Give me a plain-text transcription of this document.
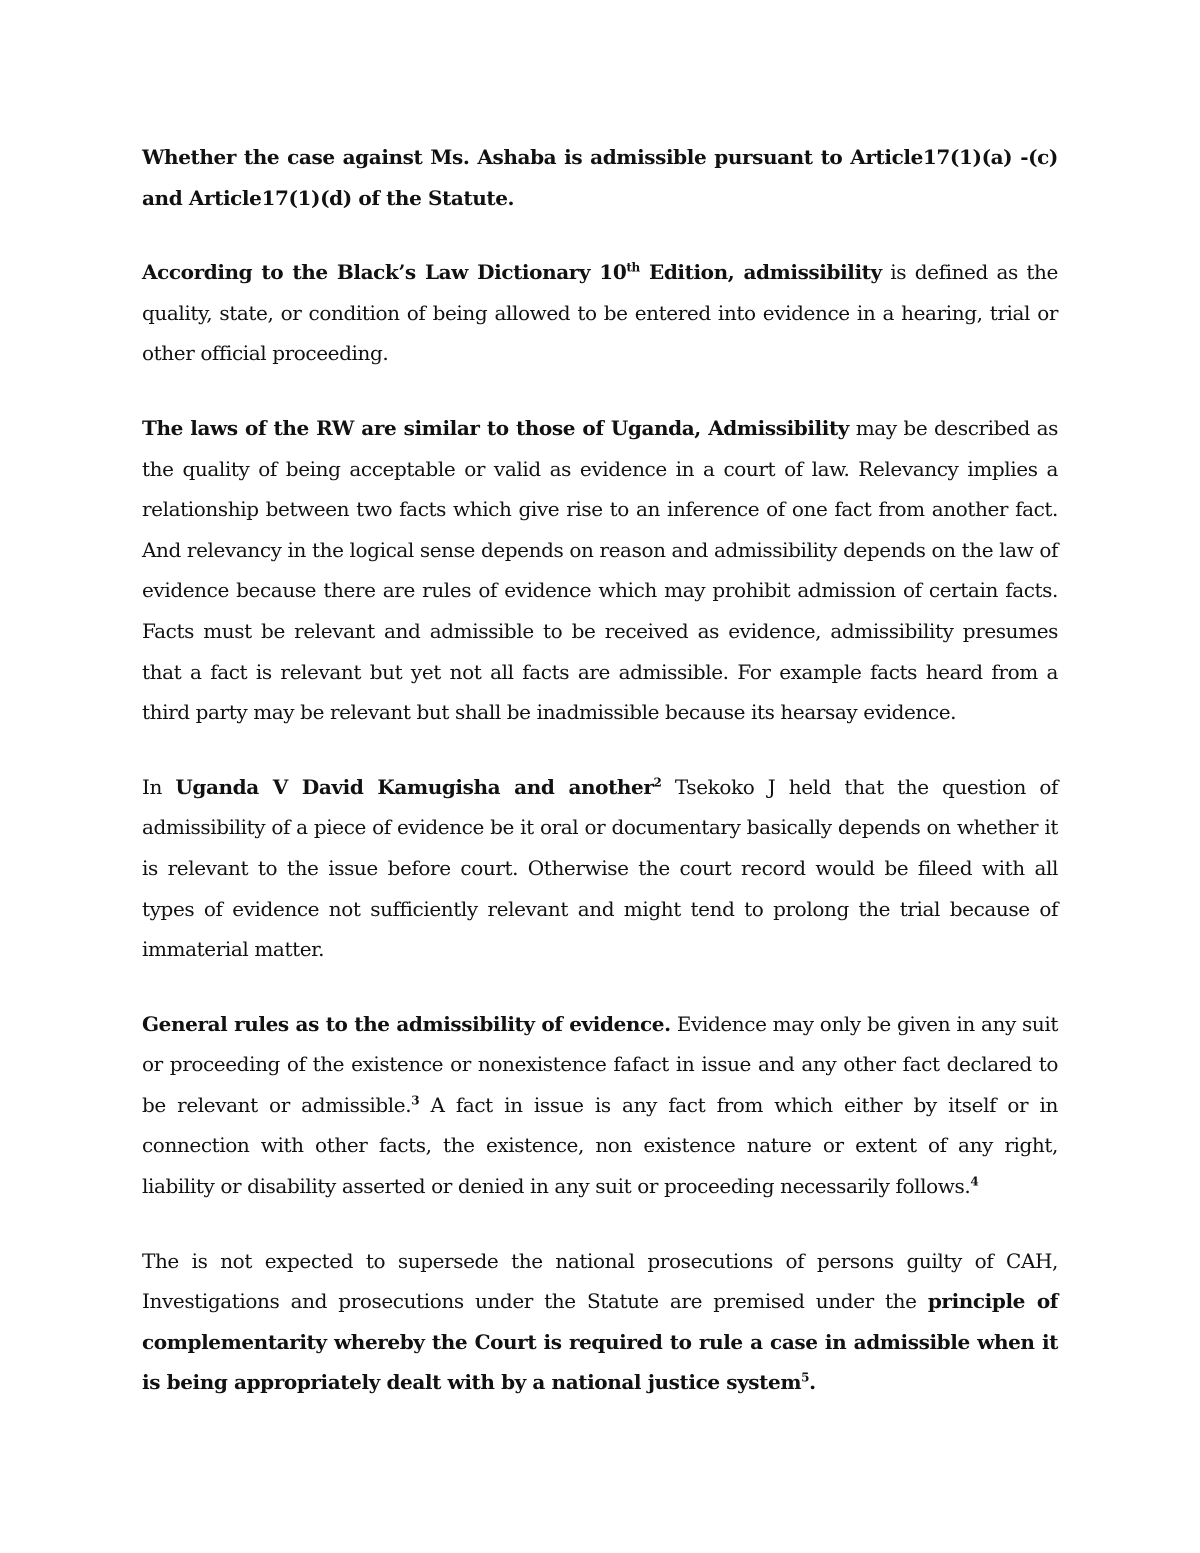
Whether the case against Ms. Ashaba is admissible pursuant to Article17(1)(a) -(c) and Article17(1)(d) of the Statute.

According to the Black’s Law Dictionary 10th Edition, admissibility is defined as the quality, state, or condition of being allowed to be entered into evidence in a hearing, trial or other official proceeding.

The laws of the RW are similar to those of Uganda, Admissibility may be described as the quality of being acceptable or valid as evidence in a court of law. Relevancy implies a relationship between two facts which give rise to an inference of one fact from another fact. And relevancy in the logical sense depends on reason and admissibility depends on the law of evidence because there are rules of evidence which may prohibit admission of certain facts. Facts must be relevant and admissible to be received as evidence, admissibility presumes that a fact is relevant but yet not all facts are admissible. For example facts heard from a third party may be relevant but shall be inadmissible because its hearsay evidence.

In Uganda V David Kamugisha and another$^2$ Tsekoko J held that the question of admissibility of a piece of evidence be it oral or documentary basically depends on whether it is relevant to the issue before court. Otherwise the court record would be fileed with all types of evidence not sufficiently relevant and might tend to prolong the trial because of immaterial matter.

General rules as to the admissibility of evidence. Evidence may only be given in any suit or proceeding of the existence or nonexistence fafact in issue and any other fact declared to be relevant or admissible.$^3$ A fact in issue is any fact from which either by itself or in connection with other facts, the existence, non existence nature or extent of any right, liability or disability asserted or denied in any suit or proceeding necessarily follows.$^4$

The is not expected to supersede the national prosecutions of persons guilty of CAH, Investigations and prosecutions under the Statute are premised under the principle of complementarity whereby the Court is required to rule a case in admissible when it is being appropriately dealt with by a national justice system$^5$.
